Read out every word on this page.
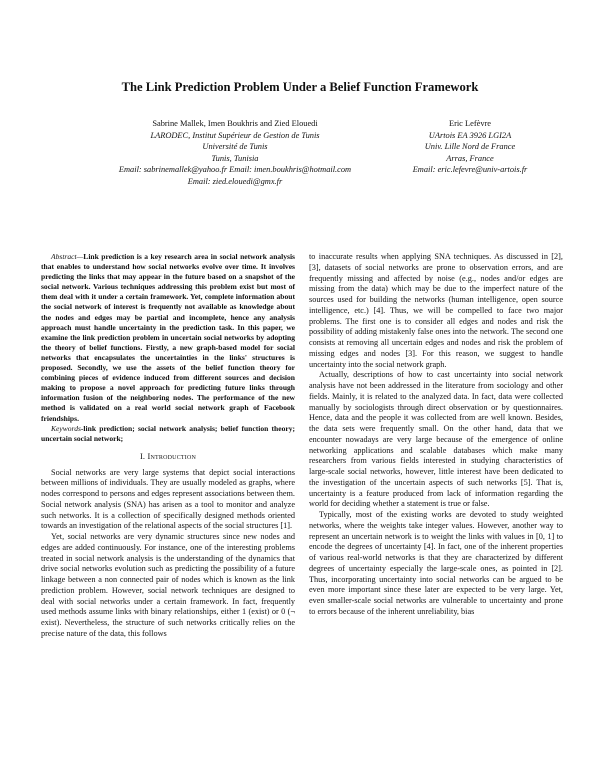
The Link Prediction Problem Under a Belief Function Framework
Sabrine Mallek, Imen Boukhris and Zied Elouedi
LARODEC, Institut Supérieur de Gestion de Tunis
Université de Tunis
Tunis, Tunisia
Email: sabrinemallek@yahoo.fr Email: imen.boukhris@hotmail.com
Email: zied.elouedi@gmx.fr
Eric Lefèvre
UArtois EA 3926 LGI2A
Univ. Lille Nord de France
Arras, France
Email: eric.lefevre@univ-artois.fr

Abstract—Link prediction is a key research area in social network analysis that enables to understand how social networks evolve over time. It involves predicting the links that may appear in the future based on a snapshot of the social network. Various techniques addressing this problem exist but most of them deal with it under a certain framework. Yet, complete information about the social network of interest is frequently not available as knowledge about the nodes and edges may be partial and incomplete, hence any analysis approach must handle uncertainty in the prediction task. In this paper, we examine the link prediction problem in uncertain social networks by adopting the theory of belief functions. Firstly, a new graph-based model for social networks that encapsulates the uncertainties in the links' structures is proposed. Secondly, we use the assets of the belief function theory for combining pieces of evidence induced from different sources and decision making to propose a novel approach for predicting future links through information fusion of the neighboring nodes. The performance of the new method is validated on a real world social network graph of Facebook friendships.

Keywords-link prediction; social network analysis; belief function theory; uncertain social network;

I. Introduction

Social networks are very large systems that depict social interactions between millions of individuals. They are usually modeled as graphs, where nodes correspond to persons and edges represent associations between them. Social network analysis (SNA) has arisen as a tool to monitor and analyze such networks. It is a collection of specifically designed methods oriented towards an investigation of the relational aspects of the social structures [1].

Yet, social networks are very dynamic structures since new nodes and edges are added continuously. For instance, one of the interesting problems treated in social network analysis is the understanding of the dynamics that drive social networks evolution such as predicting the possibility of a future linkage between a non connected pair of nodes which is known as the link prediction problem. However, social network techniques are designed to deal with social networks under a certain framework. In fact, frequently used methods assume links with binary relationships, either 1 (exist) or 0 (¬ exist). Nevertheless, the structure of such networks critically relies on the precise nature of the data, this follows

to inaccurate results when applying SNA techniques. As discussed in [2], [3], datasets of social networks are prone to observation errors, and are frequently missing and affected by noise (e.g., nodes and/or edges are missing from the data) which may be due to the imperfect nature of the sources used for building the networks (human intelligence, open source intelligence, etc.) [4]. Thus, we will be compelled to face two major problems. The first one is to consider all edges and nodes and risk the possibility of adding mistakenly false ones into the network. The second one consists at removing all uncertain edges and nodes and risk the problem of missing edges and nodes [3]. For this reason, we suggest to handle uncertainty into the social network graph.

Actually, descriptions of how to cast uncertainty into social network analysis have not been addressed in the literature from sociology and other fields. Mainly, it is related to the analyzed data. In fact, data were collected manually by sociologists through direct observation or by questionnaires. Hence, data and the people it was collected from are well known. Besides, the data sets were frequently small. On the other hand, data that we encounter nowadays are very large because of the emergence of online networking applications and scalable databases which make many researchers from various fields interested in studying characteristics of large-scale social networks, however, little interest have been dedicated to the investigation of the uncertain aspects of such networks [5]. That is, uncertainty is a feature produced from lack of information regarding the world for deciding whether a statement is true or false.

Typically, most of the existing works are devoted to study weighted networks, where the weights take integer values. However, another way to represent an uncertain network is to weight the links with values in [0, 1] to encode the degrees of uncertainty [4]. In fact, one of the inherent properties of various real-world networks is that they are characterized by different degrees of uncertainty especially the large-scale ones, as pointed in [2]. Thus, incorporating uncertainty into social networks can be argued to be even more important since these later are expected to be very large. Yet, even smaller-scale social networks are vulnerable to uncertainty and prone to errors because of the inherent unreliability, bias
